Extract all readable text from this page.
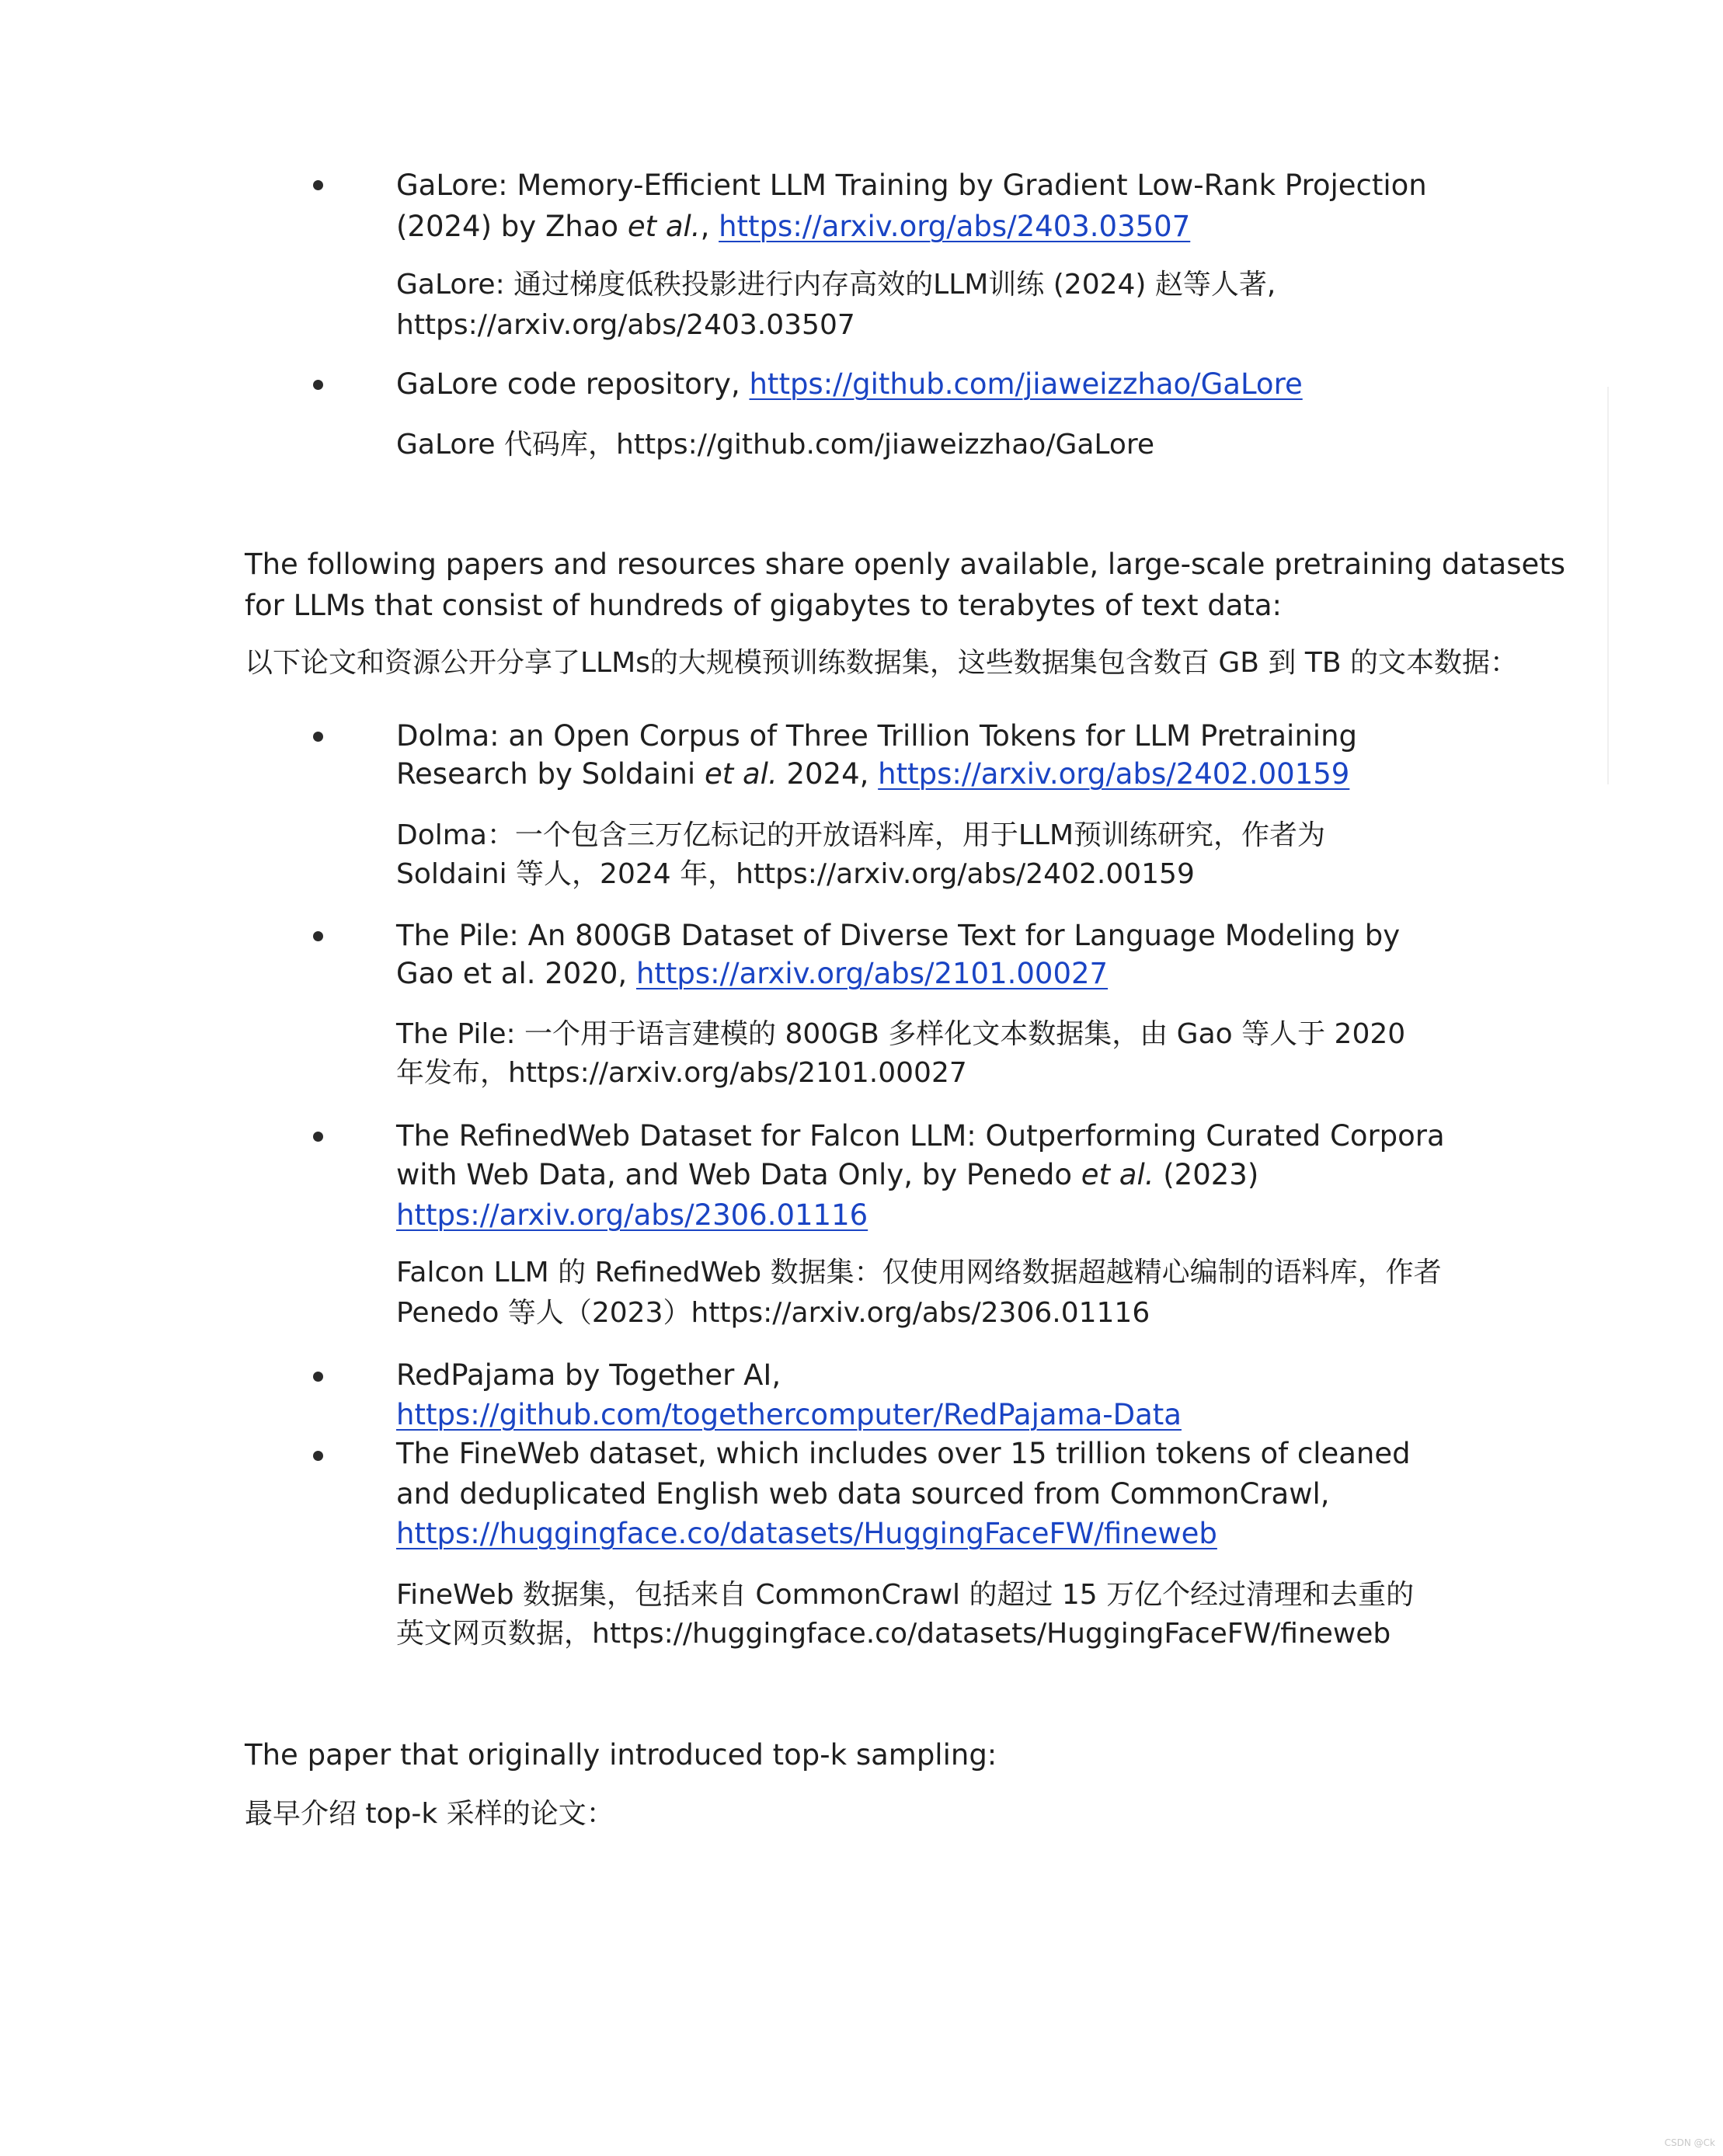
GaLore: Memory-Efficient LLM Training by Gradient Low-Rank Projection
(2024) by Zhao et al., https://arxiv.org/abs/2403.03507
GaLore: 通过梯度低秩投影进行内存高效的LLM训练 (2024) 赵等人著,
https://arxiv.org/abs/2403.03507
GaLore code repository, https://github.com/jiaweizzhao/GaLore
GaLore 代码库，https://github.com/jiaweizzhao/GaLore
The following papers and resources share openly available, large-scale pretraining datasets
for LLMs that consist of hundreds of gigabytes to terabytes of text data:
以下论文和资源公开分享了LLMs的大规模预训练数据集，这些数据集包含数百 GB 到 TB 的文本数据：
Dolma: an Open Corpus of Three Trillion Tokens for LLM Pretraining
Research by Soldaini et al. 2024, https://arxiv.org/abs/2402.00159
Dolma：一个包含三万亿标记的开放语料库，用于LLM预训练研究，作者为
Soldaini 等人，2024 年，https://arxiv.org/abs/2402.00159
The Pile: An 800GB Dataset of Diverse Text for Language Modeling by
Gao et al. 2020, https://arxiv.org/abs/2101.00027
The Pile: 一个用于语言建模的 800GB 多样化文本数据集，由 Gao 等人于 2020
年发布，https://arxiv.org/abs/2101.00027
The RefinedWeb Dataset for Falcon LLM: Outperforming Curated Corpora
with Web Data, and Web Data Only, by Penedo et al. (2023)
https://arxiv.org/abs/2306.01116
Falcon LLM 的 RefinedWeb 数据集：仅使用网络数据超越精心编制的语料库，作者
Penedo 等人（2023）https://arxiv.org/abs/2306.01116
RedPajama by Together AI,
https://github.com/togethercomputer/RedPajama-Data
The FineWeb dataset, which includes over 15 trillion tokens of cleaned
and deduplicated English web data sourced from CommonCrawl,
https://huggingface.co/datasets/HuggingFaceFW/fineweb
FineWeb 数据集，包括来自 CommonCrawl 的超过 15 万亿个经过清理和去重的
英文网页数据，https://huggingface.co/datasets/HuggingFaceFW/fineweb
The paper that originally introduced top-k sampling:
最早介绍 top-k 采样的论文：
CSDN @Ck
